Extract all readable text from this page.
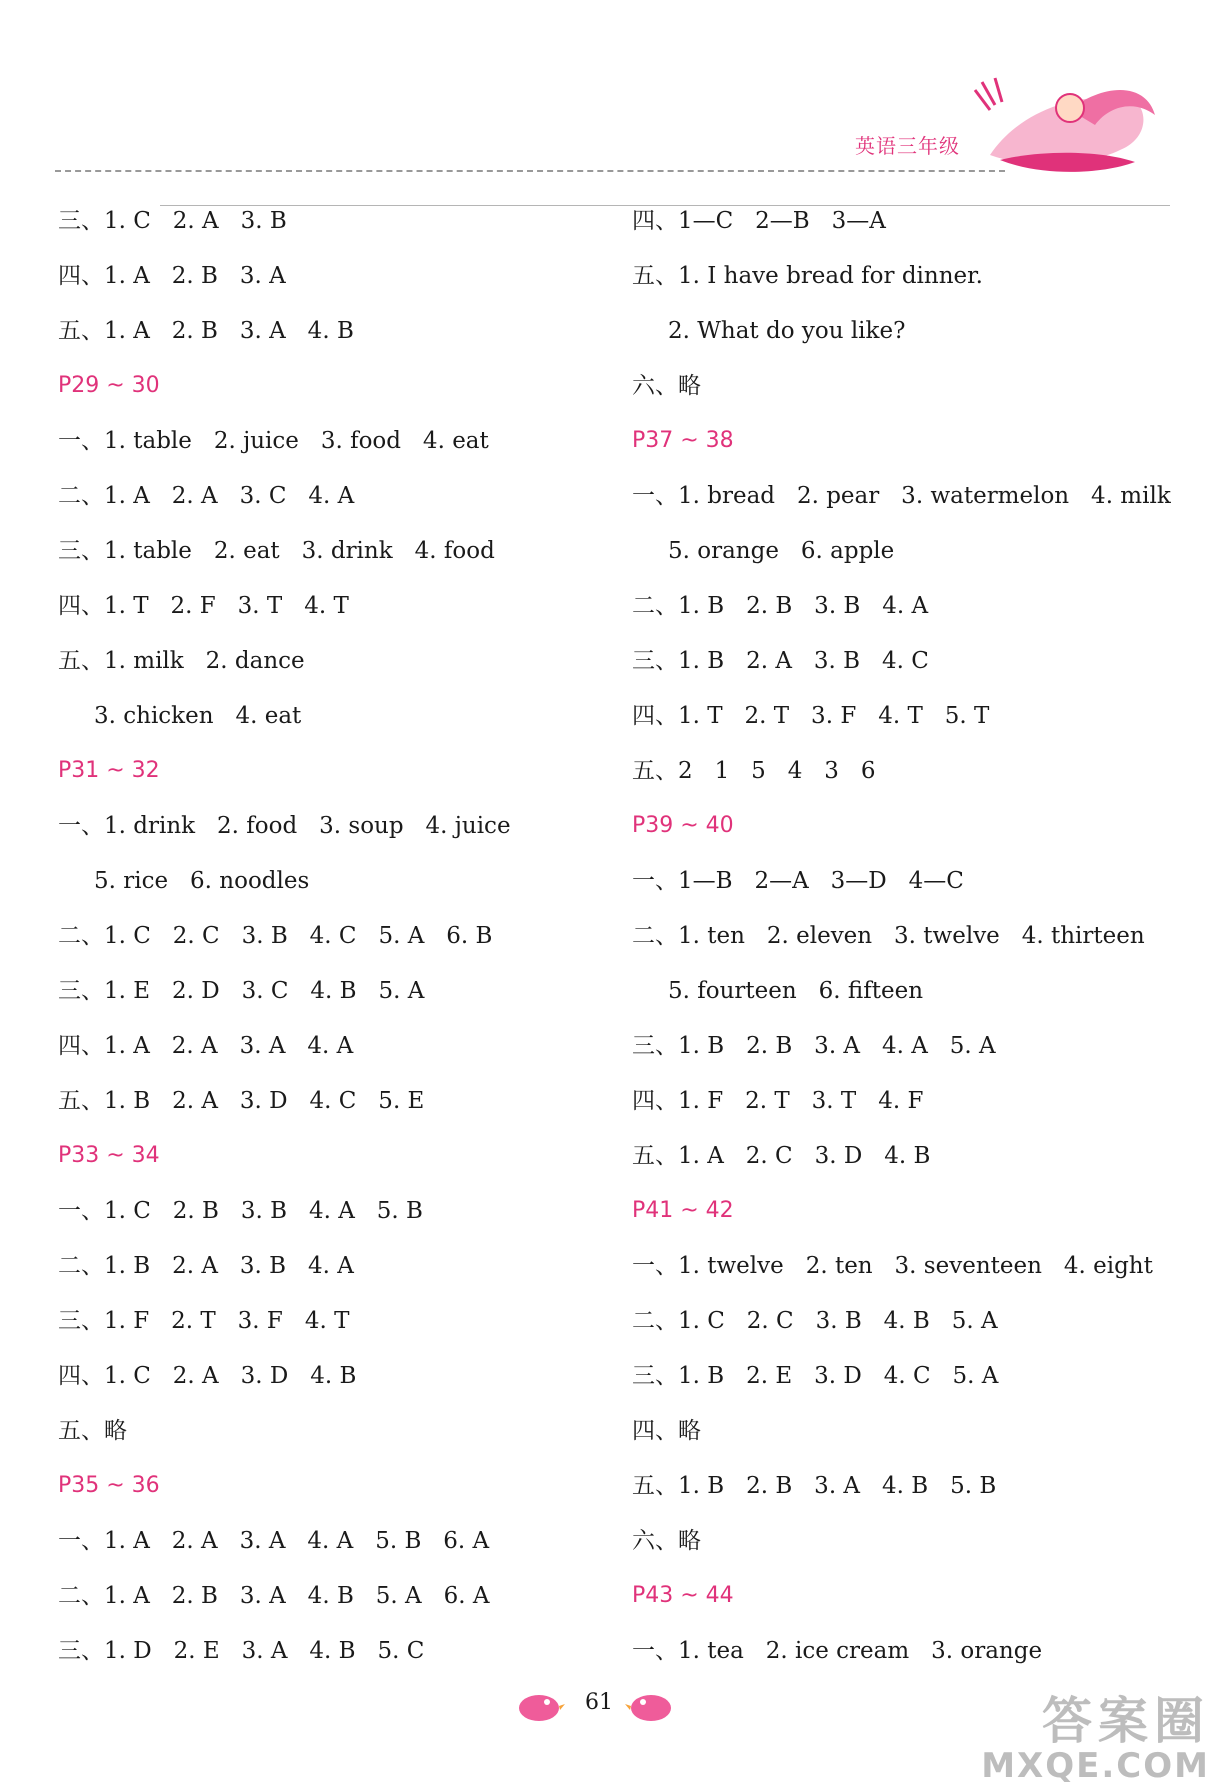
英语三年级
三、1. C   2. A   3. B
四、1. A   2. B   3. A
五、1. A   2. B   3. A   4. B
P29 ~ 30
一、1. table   2. juice   3. food   4. eat
二、1. A   2. A   3. C   4. A
三、1. table   2. eat   3. drink   4. food
四、1. T   2. F   3. T   4. T
五、1. milk   2. dance
3. chicken   4. eat
P31 ~ 32
一、1. drink   2. food   3. soup   4. juice
5. rice   6. noodles
二、1. C   2. C   3. B   4. C   5. A   6. B
三、1. E   2. D   3. C   4. B   5. A
四、1. A   2. A   3. A   4. A
五、1. B   2. A   3. D   4. C   5. E
P33 ~ 34
一、1. C   2. B   3. B   4. A   5. B
二、1. B   2. A   3. B   4. A
三、1. F   2. T   3. F   4. T
四、1. C   2. A   3. D   4. B
五、略
P35 ~ 36
一、1. A   2. A   3. A   4. A   5. B   6. A
二、1. A   2. B   3. A   4. B   5. A   6. A
三、1. D   2. E   3. A   4. B   5. C
四、1—C   2—B   3—A
五、1. I have bread for dinner.
2. What do you like?
六、略
P37 ~ 38
一、1. bread   2. pear   3. watermelon   4. milk
5. orange   6. apple
二、1. B   2. B   3. B   4. A
三、1. B   2. A   3. B   4. C
四、1. T   2. T   3. F   4. T   5. T
五、2   1   5   4   3   6
P39 ~ 40
一、1—B   2—A   3—D   4—C
二、1. ten   2. eleven   3. twelve   4. thirteen
5. fourteen   6. fifteen
三、1. B   2. B   3. A   4. A   5. A
四、1. F   2. T   3. T   4. F
五、1. A   2. C   3. D   4. B
P41 ~ 42
一、1. twelve   2. ten   3. seventeen   4. eight
二、1. C   2. C   3. B   4. B   5. A
三、1. B   2. E   3. D   4. C   5. A
四、略
五、1. B   2. B   3. A   4. B   5. B
六、略
P43 ~ 44
一、1. tea   2. ice cream   3. orange
61	答案圈
MXQE.COM
